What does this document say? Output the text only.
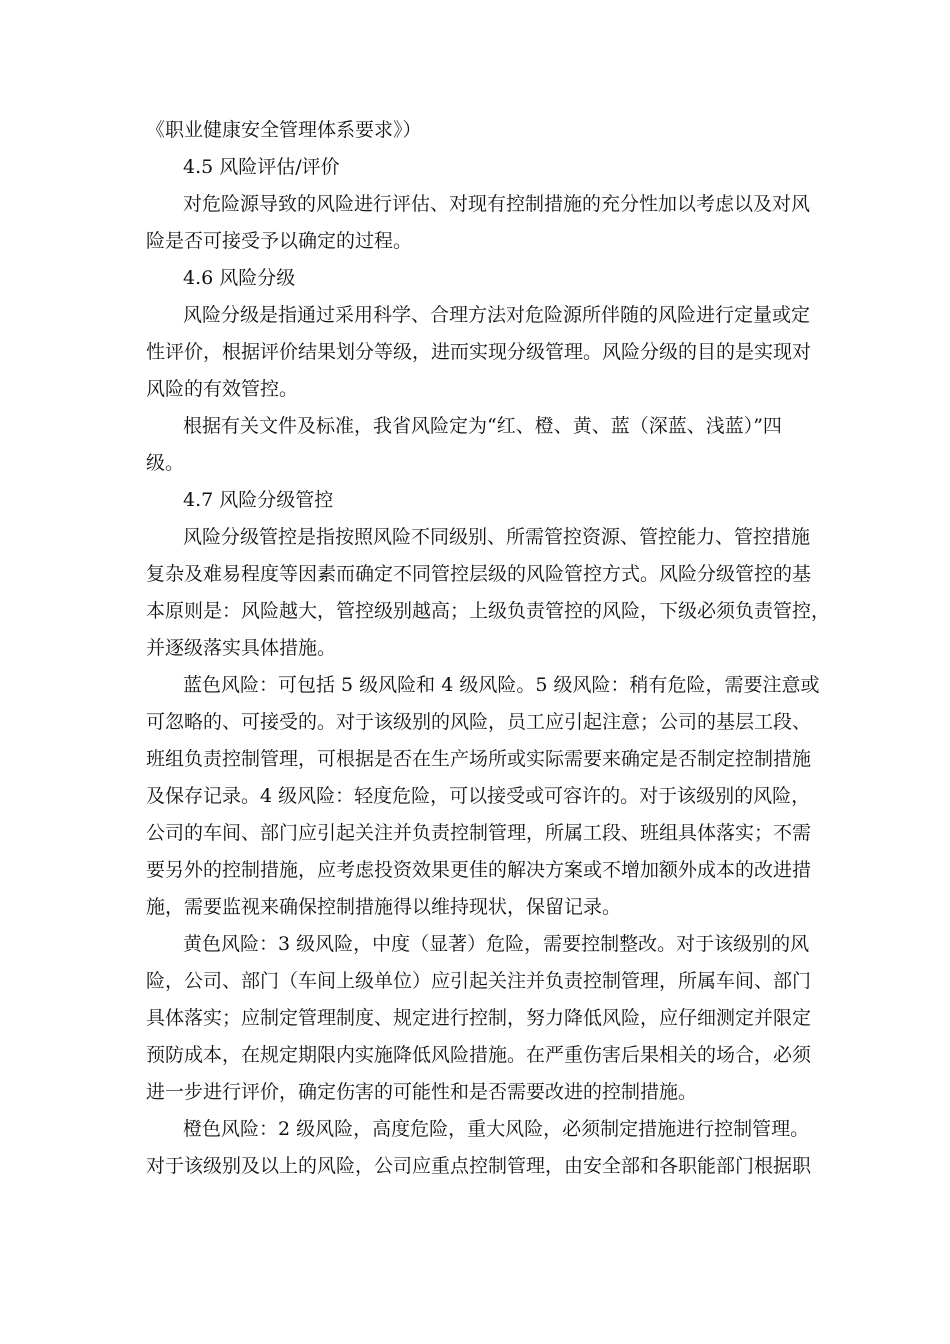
《职业健康安全管理体系要求》）
4.5 风险评估/评价
对危险源导致的风险进行评估、对现有控制措施的充分性加以考虑以及对风
险是否可接受予以确定的过程。
4.6 风险分级
风险分级是指通过采用科学、合理方法对危险源所伴随的风险进行定量或定
性评价，根据评价结果划分等级，进而实现分级管理。风险分级的目的是实现对
风险的有效管控。
根据有关文件及标准，我省风险定为“红、橙、黄、蓝（深蓝、浅蓝）”四
级。
4.7 风险分级管控
风险分级管控是指按照风险不同级别、所需管控资源、管控能力、管控措施
复杂及难易程度等因素而确定不同管控层级的风险管控方式。风险分级管控的基
本原则是：风险越大，管控级别越高；上级负责管控的风险，下级必须负责管控，
并逐级落实具体措施。
蓝色风险：可包括 5 级风险和 4 级风险。5 级风险：稍有危险，需要注意或
可忽略的、可接受的。对于该级别的风险，员工应引起注意；公司的基层工段、
班组负责控制管理，可根据是否在生产场所或实际需要来确定是否制定控制措施
及保存记录。4 级风险：轻度危险，可以接受或可容许的。对于该级别的风险，
公司的车间、部门应引起关注并负责控制管理，所属工段、班组具体落实；不需
要另外的控制措施，应考虑投资效果更佳的解决方案或不增加额外成本的改进措
施，需要监视来确保控制措施得以维持现状，保留记录。
黄色风险：3 级风险，中度（显著）危险，需要控制整改。对于该级别的风
险，公司、部门（车间上级单位）应引起关注并负责控制管理，所属车间、部门
具体落实；应制定管理制度、规定进行控制，努力降低风险，应仔细测定并限定
预防成本，在规定期限内实施降低风险措施。在严重伤害后果相关的场合，必须
进一步进行评价，确定伤害的可能性和是否需要改进的控制措施。
橙色风险：2 级风险，高度危险，重大风险，必须制定措施进行控制管理。
对于该级别及以上的风险，公司应重点控制管理，由安全部和各职能部门根据职
